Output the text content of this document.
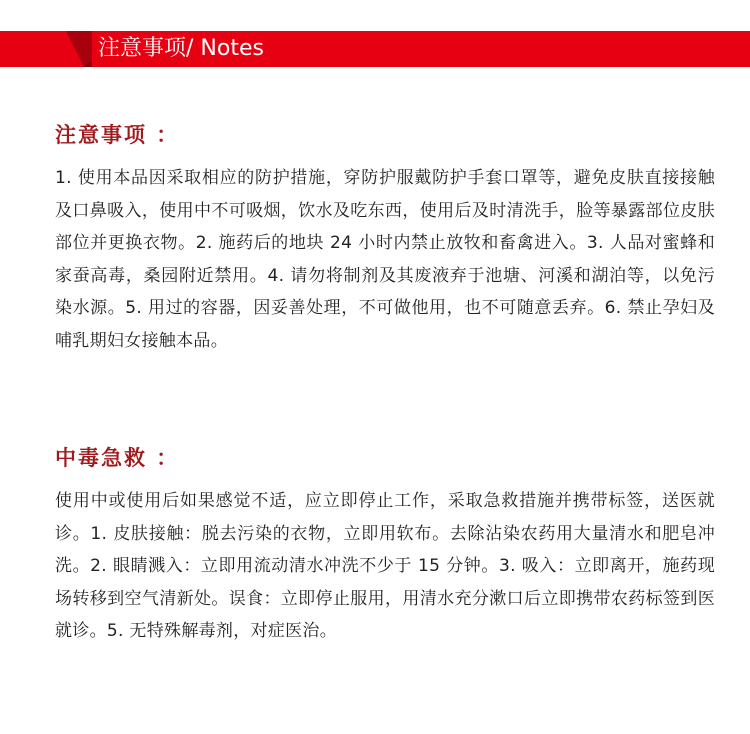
注意事项/ Notes
注意事项 ：

1. 使用本品因采取相应的防护措施，穿防护服戴防护手套口罩等，避免皮肤直接接触及口鼻吸入，使用中不可吸烟，饮水及吃东西，使用后及时清洗手，脸等暴露部位皮肤部位并更换衣物。2. 施药后的地块 24 小时内禁止放牧和畜禽进入。3. 人品对蜜蜂和家蚕高毒，桑园附近禁用。4. 请勿将制剂及其废液弃于池塘、河溪和湖泊等，以免污染水源。5. 用过的容器，因妥善处理，不可做他用，也不可随意丢弃。6. 禁止孕妇及哺乳期妇女接触本品。

中毒急救 ：

使用中或使用后如果感觉不适，应立即停止工作，采取急救措施并携带标签，送医就诊。1. 皮肤接触：脱去污染的衣物，立即用软布。去除沾染农药用大量清水和肥皂冲洗。2. 眼睛溅入：立即用流动清水冲洗不少于 15 分钟。3. 吸入：立即离开，施药现场转移到空气清新处。误食：立即停止服用，用清水充分漱口后立即携带农药标签到医就诊。5. 无特殊解毒剂，对症医治。
